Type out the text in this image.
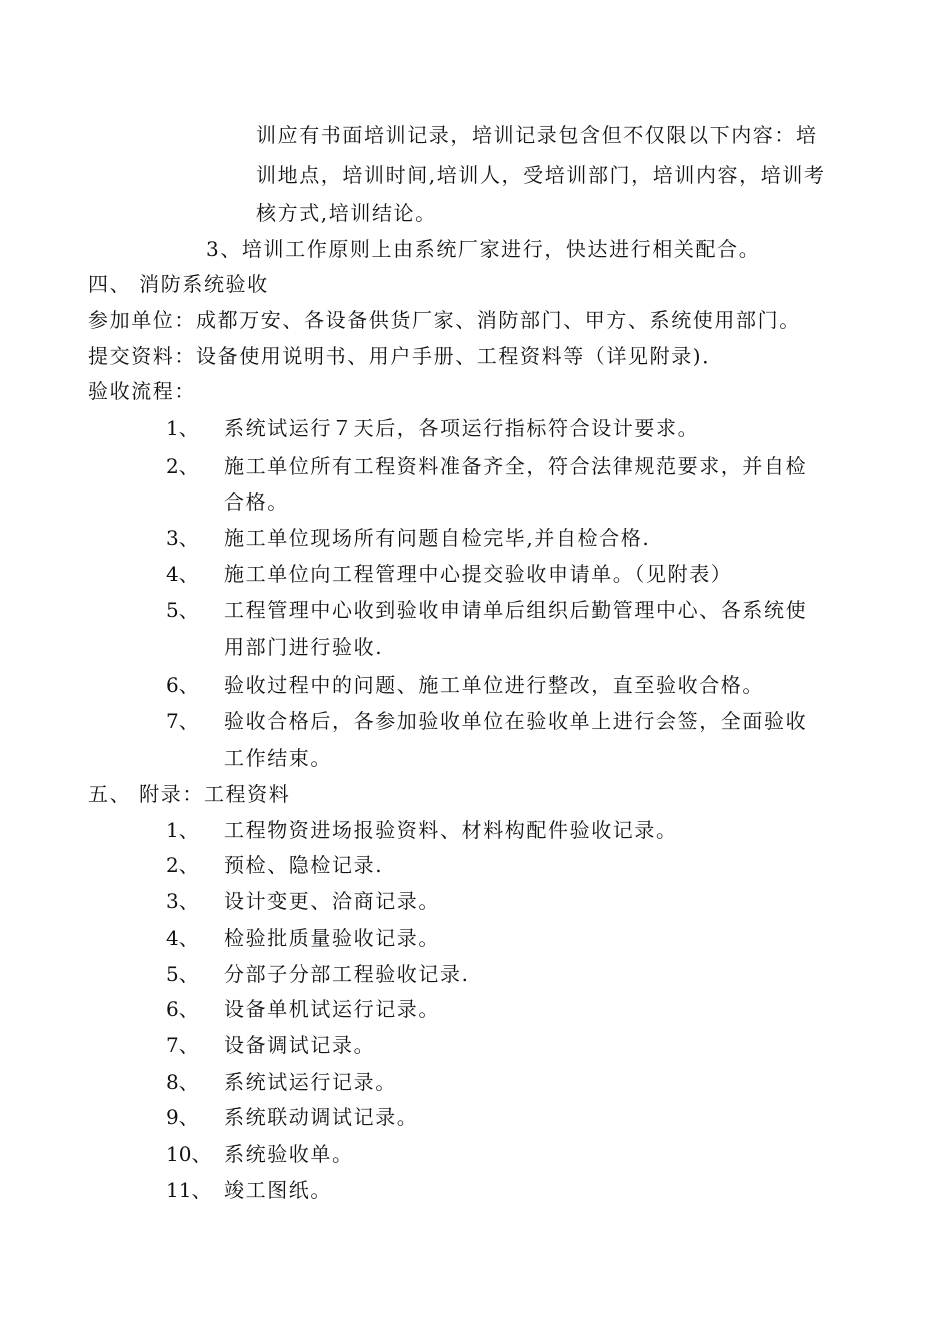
训应有书面培训记录，培训记录包含但不仅限以下内容：培
训地点，培训时间,培训人，受培训部门，培训内容，培训考
核方式,培训结论。
3、培训工作原则上由系统厂家进行，快达进行相关配合。
四、 消防系统验收
参加单位：成都万安、各设备供货厂家、消防部门、甲方、系统使用部门。
提交资料：设备使用说明书、用户手册、工程资料等（详见附录)．
验收流程：
1、 系统试运行７天后，各项运行指标符合设计要求。
2、 施工单位所有工程资料准备齐全，符合法律规范要求，并自检
合格。
3、 施工单位现场所有问题自检完毕,并自检合格.
4、 施工单位向工程管理中心提交验收申请单。（见附表）
5、 工程管理中心收到验收申请单后组织后勤管理中心、各系统使
用部门进行验收.
6、 验收过程中的问题、施工单位进行整改，直至验收合格。
7、 验收合格后，各参加验收单位在验收单上进行会签，全面验收
工作结束。
五、 附录：工程资料
1、 工程物资进场报验资料、材料构配件验收记录。
2、 预检、隐检记录.
3、 设计变更、洽商记录。
4、 检验批质量验收记录。
5、 分部子分部工程验收记录.
6、 设备单机试运行记录。
7、 设备调试记录。
8、 系统试运行记录。
9、 系统联动调试记录。
10、 系统验收单。
11、 竣工图纸。
